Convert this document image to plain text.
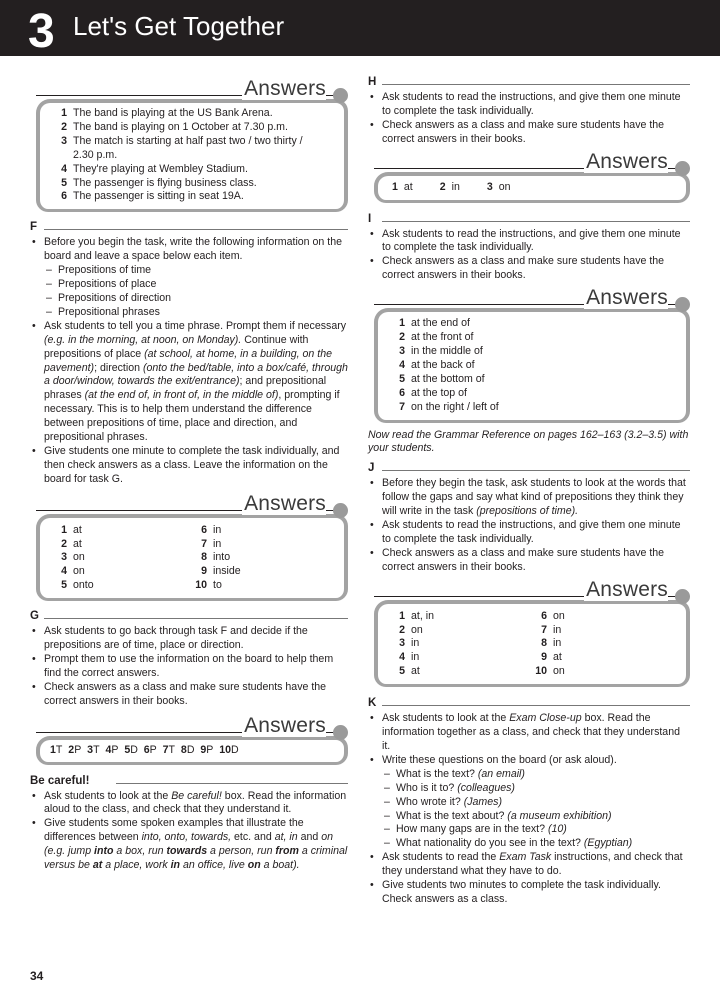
3 Let's Get Together
Answers
1 The band is playing at the US Bank Arena.
2 The band is playing on 1 October at 7.30 p.m.
3 The match is starting at half past two / two thirty / 2.30 p.m.
4 They're playing at Wembley Stadium.
5 The passenger is flying business class.
6 The passenger is sitting in seat 19A.
F
• Before you begin the task, write the following information on the board and leave a space below each item.
– Prepositions of time
– Prepositions of place
– Prepositions of direction
– Prepositional phrases
• Ask students to tell you a time phrase. Prompt them if necessary (e.g. in the morning, at noon, on Monday). Continue with prepositions of place (at school, at home, in a building, on the pavement); direction (onto the bed/table, into a box/café, through a door/window, towards the exit/entrance); and prepositional phrases (at the end of, in front of, in the middle of), prompting if necessary. This is to help them understand the difference between prepositions of time, place and direction, and prepositional phrases.
• Give students one minute to complete the task individually, and then check answers as a class. Leave the information on the board for task G.
Answers
1 at
2 at
3 on
4 on
5 onto
6 in
7 in
8 into
9 inside
10 to
G
• Ask students to go back through task F and decide if the prepositions are of time, place or direction.
• Prompt them to use the information on the board to help them find the correct answers.
• Check answers as a class and make sure students have the correct answers in their books.
Answers
1T 2P 3T 4P 5D 6P 7T 8D 9P 10D
Be careful!
• Ask students to look at the Be careful! box. Read the information aloud to the class, and check that they understand it.
• Give students some spoken examples that illustrate the differences between into, onto, towards, etc. and at, in and on (e.g. jump into a box, run towards a person, run from a criminal versus be at a place, work in an office, live on a boat).
H
• Ask students to read the instructions, and give them one minute to complete the task individually.
• Check answers as a class and make sure students have the correct answers in their books.
Answers
1 at	2 in	3 on
I
• Ask students to read the instructions, and give them one minute to complete the task individually.
• Check answers as a class and make sure students have the correct answers in their books.
Answers
1 at the end of
2 at the front of
3 in the middle of
4 at the back of
5 at the bottom of
6 at the top of
7 on the right / left of
Now read the Grammar Reference on pages 162–163 (3.2–3.5) with your students.
J
• Before they begin the task, ask students to look at the words that follow the gaps and say what kind of prepositions they think they will write in the task (prepositions of time).
• Ask students to read the instructions, and give them one minute to complete the task individually.
• Check answers as a class and make sure students have the correct answers in their books.
Answers
1 at, in
2 on
3 in
4 in
5 at
6 on
7 in
8 in
9 at
10 on
K
• Ask students to look at the Exam Close-up box. Read the information together as a class, and check that they understand it.
• Write these questions on the board (or ask aloud).
– What is the text? (an email)
– Who is it to? (colleagues)
– Who wrote it? (James)
– What is the text about? (a museum exhibition)
– How many gaps are in the text? (10)
– What nationality do you see in the text? (Egyptian)
• Ask students to read the Exam Task instructions, and check that they understand what they have to do.
• Give students two minutes to complete the task individually. Check answers as a class.
34
